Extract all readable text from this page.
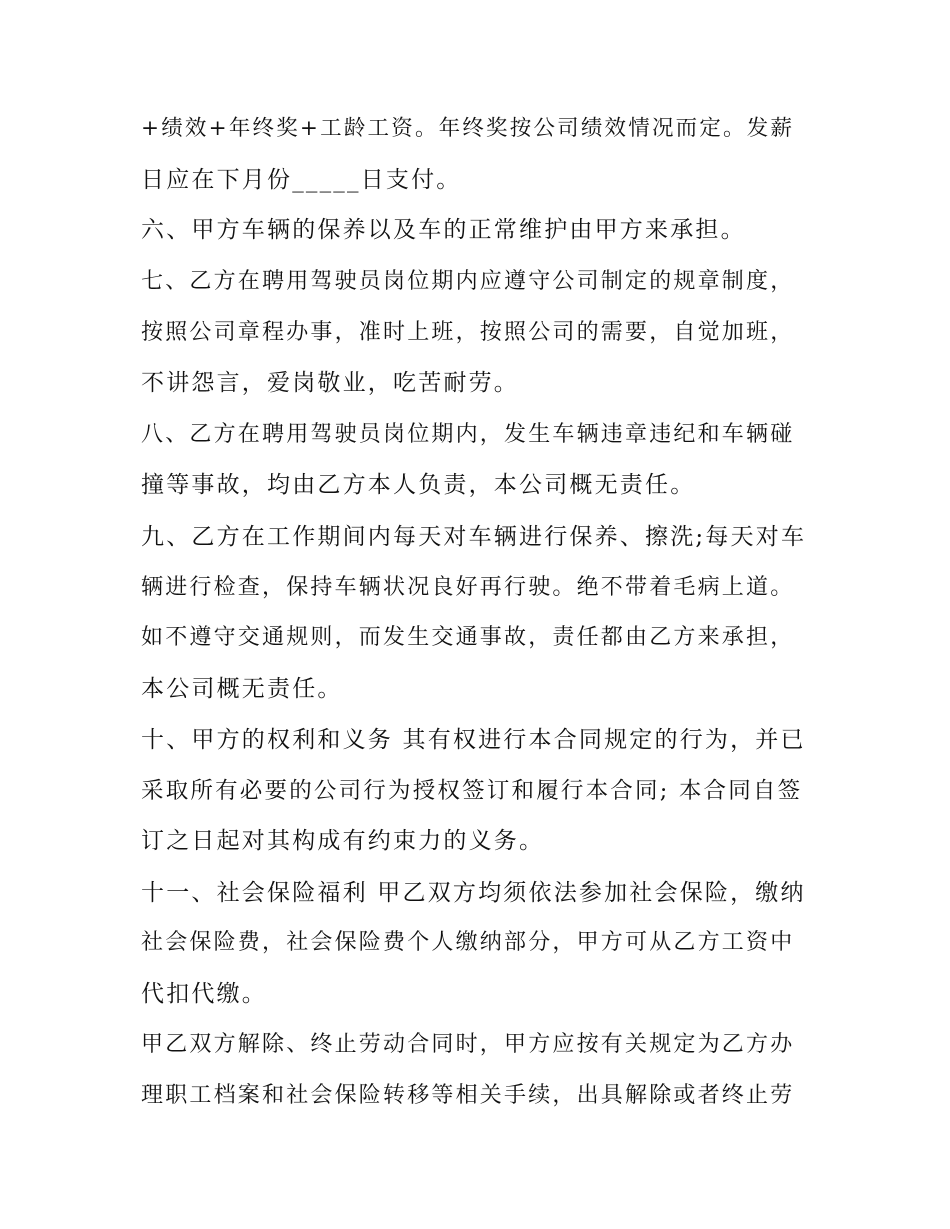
+绩效+年终奖+工龄工资。年终奖按公司绩效情况而定。发薪
日应在下月份_____日支付。
六、甲方车辆的保养以及车的正常维护由甲方来承担。
七、乙方在聘用驾驶员岗位期内应遵守公司制定的规章制度，
按照公司章程办事，准时上班，按照公司的需要，自觉加班，
不讲怨言，爱岗敬业，吃苦耐劳。
八、乙方在聘用驾驶员岗位期内，发生车辆违章违纪和车辆碰
撞等事故，均由乙方本人负责，本公司概无责任。
九、乙方在工作期间内每天对车辆进行保养、擦洗;每天对车
辆进行检查，保持车辆状况良好再行驶。绝不带着毛病上道。
如不遵守交通规则，而发生交通事故，责任都由乙方来承担，
本公司概无责任。
十、甲方的权利和义务 其有权进行本合同规定的行为，并已
采取所有必要的公司行为授权签订和履行本合同; 本合同自签
订之日起对其构成有约束力的义务。
十一、社会保险福利 甲乙双方均须依法参加社会保险，缴纳
社会保险费，社会保险费个人缴纳部分，甲方可从乙方工资中
代扣代缴。
甲乙双方解除、终止劳动合同时，甲方应按有关规定为乙方办
理职工档案和社会保险转移等相关手续，出具解除或者终止劳
